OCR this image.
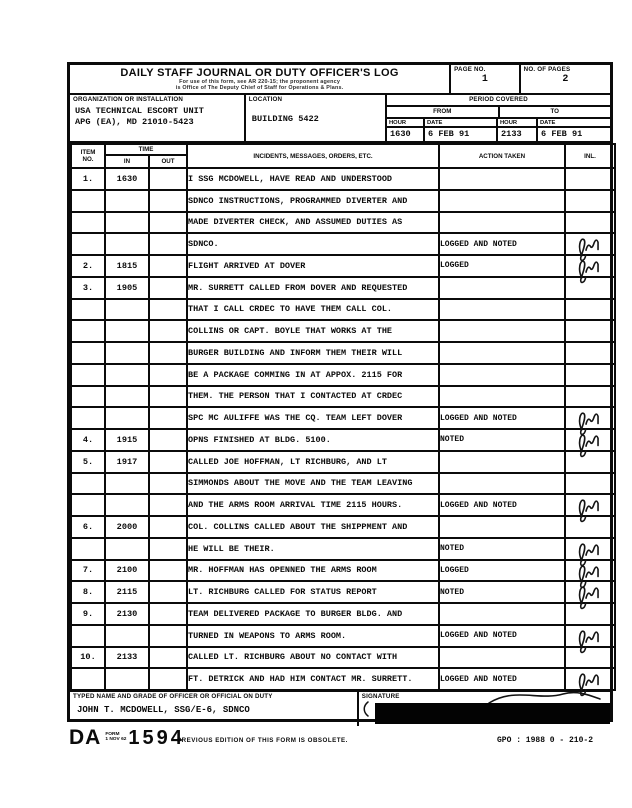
DAILY STAFF JOURNAL OR DUTY OFFICER'S LOG
For use of this form, see AR 220-15; the proponent agency
is Office of The Deputy Chief of Staff for Operations & Plans.
PAGE NO.
1
NO. OF PAGES
2
ORGANIZATION OR INSTALLATION
USA TECHNICAL ESCORT UNIT
APG (EA), MD 21010-5423
LOCATION
BUILDING 5422
PERIOD COVERED
FROM	TO
HOUR	DATE	HOUR	DATE
1630	6 FEB 91	2133	6 FEB 91
ITEM
NO.	TIME		INCIDENTS, MESSAGES, ORDERS, ETC.	ACTION TAKEN	INL.
	IN	OUT			
1.	1630		I SSG MCDOWELL, HAVE READ AND UNDERSTOOD		
			SDNCO INSTRUCTIONS, PROGRAMMED DIVERTER AND		
			MADE DIVERTER CHECK, AND ASSUMED DUTIES AS		
			SDNCO.	LOGGED AND NOTED	

2.	1815		FLIGHT ARRIVED AT DOVER	LOGGED	

3.	1905		MR. SURRETT CALLED FROM DOVER AND REQUESTED		
			THAT I CALL CRDEC TO HAVE THEM CALL COL.		
			COLLINS OR CAPT. BOYLE THAT WORKS AT THE		
			BURGER BUILDING AND INFORM THEM THEIR WILL		
			BE A PACKAGE COMMING IN AT APPOX. 2115 FOR		
			THEM. THE PERSON THAT I CONTACTED AT CRDEC		
			SPC MC AULIFFE WAS THE CQ. TEAM LEFT DOVER	LOGGED AND NOTED	

4.	1915		OPNS FINISHED AT BLDG. 5100.	NOTED	

5.	1917		CALLED JOE HOFFMAN, LT RICHBURG, AND LT		
			SIMMONDS ABOUT THE MOVE AND THE TEAM LEAVING		
			AND THE ARMS ROOM ARRIVAL TIME 2115 HOURS.	LOGGED AND NOTED	

6.	2000		COL. COLLINS CALLED ABOUT THE SHIPPMENT AND		
			HE WILL BE THEIR.	NOTED	

7.	2100		MR. HOFFMAN HAS OPENNED THE ARMS ROOM	LOGGED	

8.	2115		LT. RICHBURG CALLED FOR STATUS REPORT	NOTED	

9.	2130		TEAM DELIVERED PACKAGE TO BURGER BLDG. AND		
			TURNED IN WEAPONS TO ARMS ROOM.	LOGGED AND NOTED	

10.	2133		CALLED LT. RICHBURG ABOUT NO CONTACT WITH		
			FT. DETRICK AND HAD HIM CONTACT MR. SURRETT.	LOGGED AND NOTED	
TYPED NAME AND GRADE OF OFFICER OR OFFICIAL ON DUTY
JOHN T. MCDOWELL, SSG/E-6, SDNCO
SIGNATURE
DA FORM
1 NOV 62 1594
PREVIOUS EDITION OF THIS FORM IS OBSOLETE.	GPO : 1988 0 - 210-2
